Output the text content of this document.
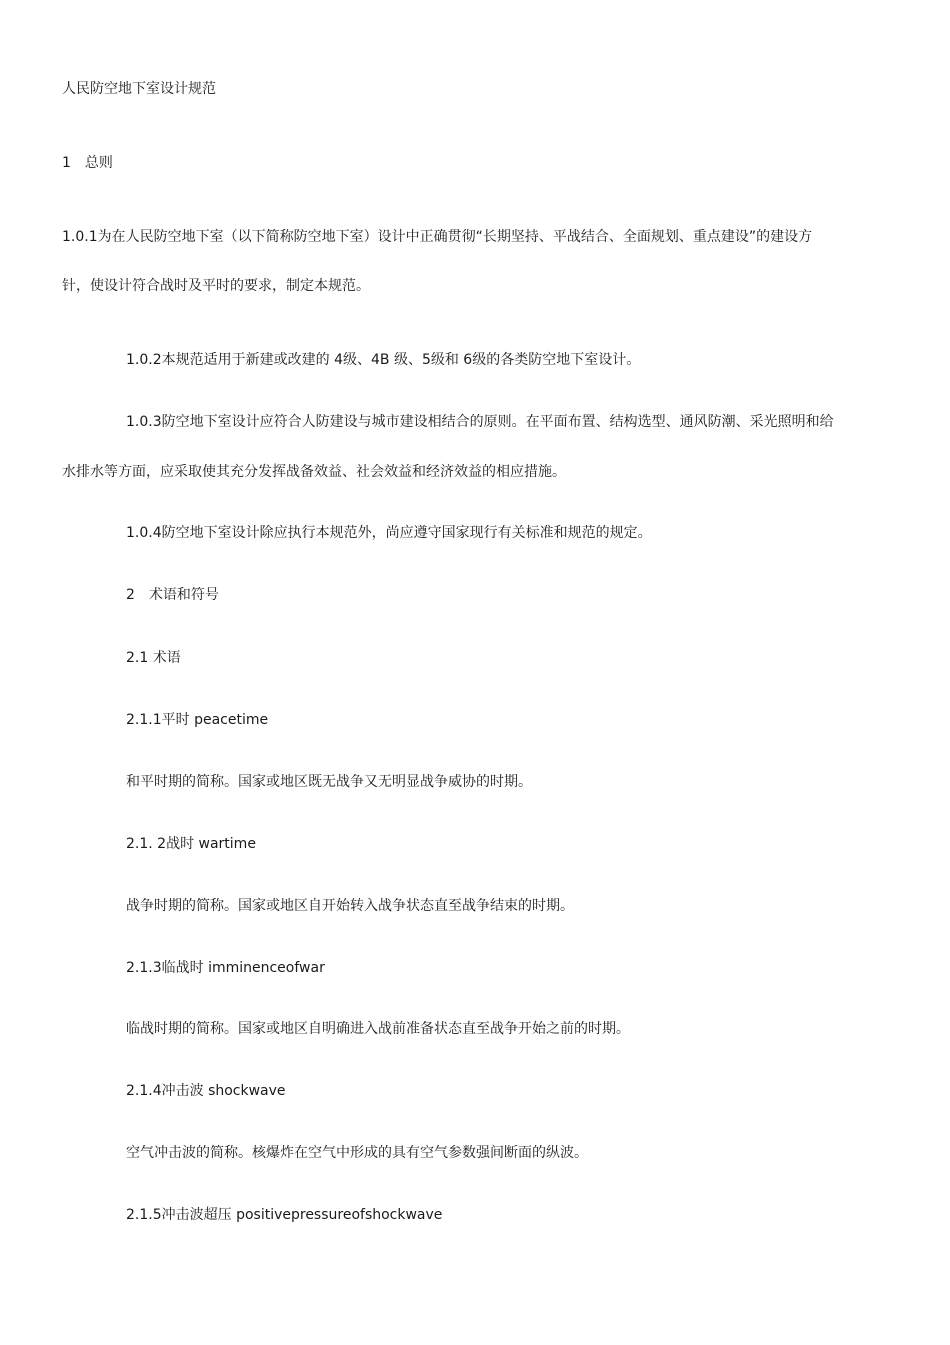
人民防空地下室设计规范
1　总则
1.0.1为在人民防空地下室（以下简称防空地下室）设计中正确贯彻“长期坚持、平战结合、全面规划、重点建设”的建设方
针，使设计符合战时及平时的要求，制定本规范。
1.0.2本规范适用于新建或改建的 4级、4B 级、5级和 6级的各类防空地下室设计。
1.0.3防空地下室设计应符合人防建设与城市建设相结合的原则。在平面布置、结构选型、通风防潮、采光照明和给
水排水等方面，应采取使其充分发挥战备效益、社会效益和经济效益的相应措施。
1.0.4防空地下室设计除应执行本规范外，尚应遵守国家现行有关标准和规范的规定。
2　术语和符号
2.1 术语
2.1.1平时 peacetime
和平时期的简称。国家或地区既无战争又无明显战争威协的时期。
2.1. 2战时 wartime
战争时期的简称。国家或地区自开始转入战争状态直至战争结束的时期。
2.1.3临战时 imminenceofwar
临战时期的简称。国家或地区自明确进入战前准备状态直至战争开始之前的时期。
2.1.4冲击波 shockwave
空气冲击波的简称。核爆炸在空气中形成的具有空气参数强间断面的纵波。
2.1.5冲击波超压 positivepressureofshockwave
